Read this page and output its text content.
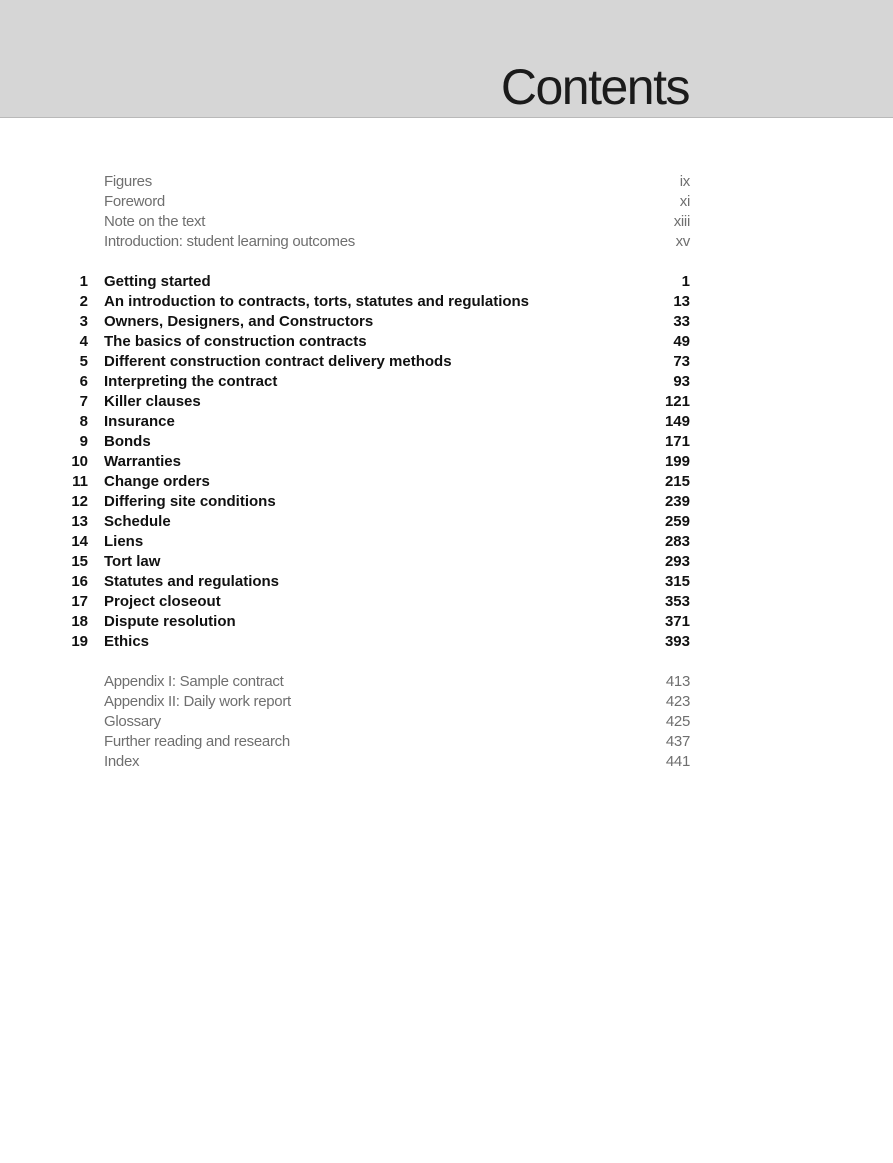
Contents
Figures	ix
Foreword	xi
Note on the text	xiii
Introduction: student learning outcomes	xv
1 Getting started	1
2 An introduction to contracts, torts, statutes and regulations	13
3 Owners, Designers, and Constructors	33
4 The basics of construction contracts	49
5 Different construction contract delivery methods	73
6 Interpreting the contract	93
7 Killer clauses	121
8 Insurance	149
9 Bonds	171
10 Warranties	199
11 Change orders	215
12 Differing site conditions	239
13 Schedule	259
14 Liens	283
15 Tort law	293
16 Statutes and regulations	315
17 Project closeout	353
18 Dispute resolution	371
19 Ethics	393
Appendix I: Sample contract	413
Appendix II: Daily work report	423
Glossary	425
Further reading and research	437
Index	441
